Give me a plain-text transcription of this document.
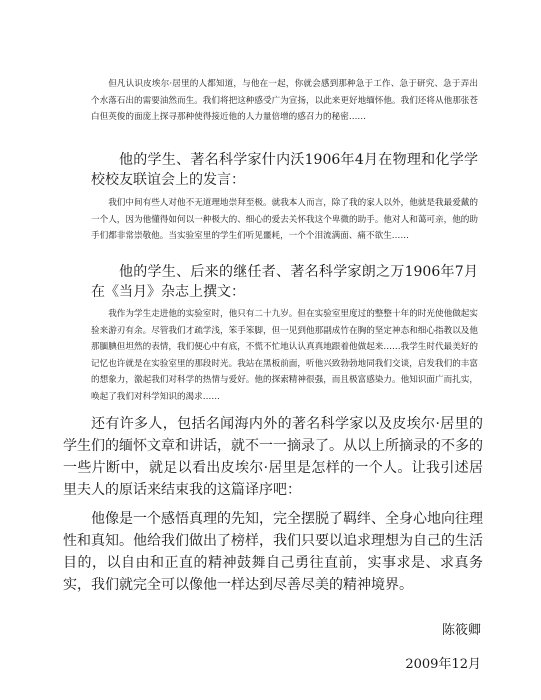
但凡认识皮埃尔·居里的人都知道，与他在一起，你就会感到那种急于工作、急于研究、急于弄出个水落石出的需要油然而生。我们将把这种感受广为宣扬，以此来更好地缅怀他。我们还将从他那张苍白但英俊的面庞上探寻那种使得接近他的人力量倍增的感召力的秘密……

他的学生、著名科学家什内沃1906年4月在物理和化学学校校友联谊会上的发言：

我们中间有些人对他不无道理地崇拜至极。就我本人而言，除了我的家人以外，他就是我最爱戴的一个人，因为他懂得如何以一种极大的、细心的爱去关怀我这个卑微的助手。他对人和蔼可亲，他的助手们都非常崇敬他。当实验室里的学生们听见噩耗，一个个泪流满面、痛不欲生……

他的学生、后来的继任者、著名科学家朗之万1906年7月在《当月》杂志上撰文：

我作为学生走进他的实验室时，他只有二十九岁。但在实验室里度过的整整十年的时光使他做起实验来游刃有余。尽管我们才疏学浅，笨手笨脚，但一见到他那副成竹在胸的坚定神态和细心指教以及他那腼腆但坦然的表情，我们便心中有底，不慌不忙地认认真真地跟着他做起来……我学生时代最美好的记忆也许就是在实验室里的那段时光。我站在黑板前面，听他兴致勃勃地同我们交谈，启发我们的丰富的想象力，激起我们对科学的热情与爱好。他的探索精神很强，而且极富感染力。他知识面广而扎实，唤起了我们对科学知识的渴求……

还有许多人，包括名闻海内外的著名科学家以及皮埃尔·居里的学生们的缅怀文章和讲话，就不一一摘录了。从以上所摘录的不多的一些片断中，就足以看出皮埃尔·居里是怎样的一个人。让我引述居里夫人的原话来结束我的这篇译序吧：

他像是一个感悟真理的先知，完全摆脱了羁绊、全身心地向往理性和真知。他给我们做出了榜样，我们只要以追求理想为自己的生活目的，以自由和正直的精神鼓舞自己勇往直前，实事求是、求真务实，我们就完全可以像他一样达到尽善尽美的精神境界。

陈筱卿

2009年12月
